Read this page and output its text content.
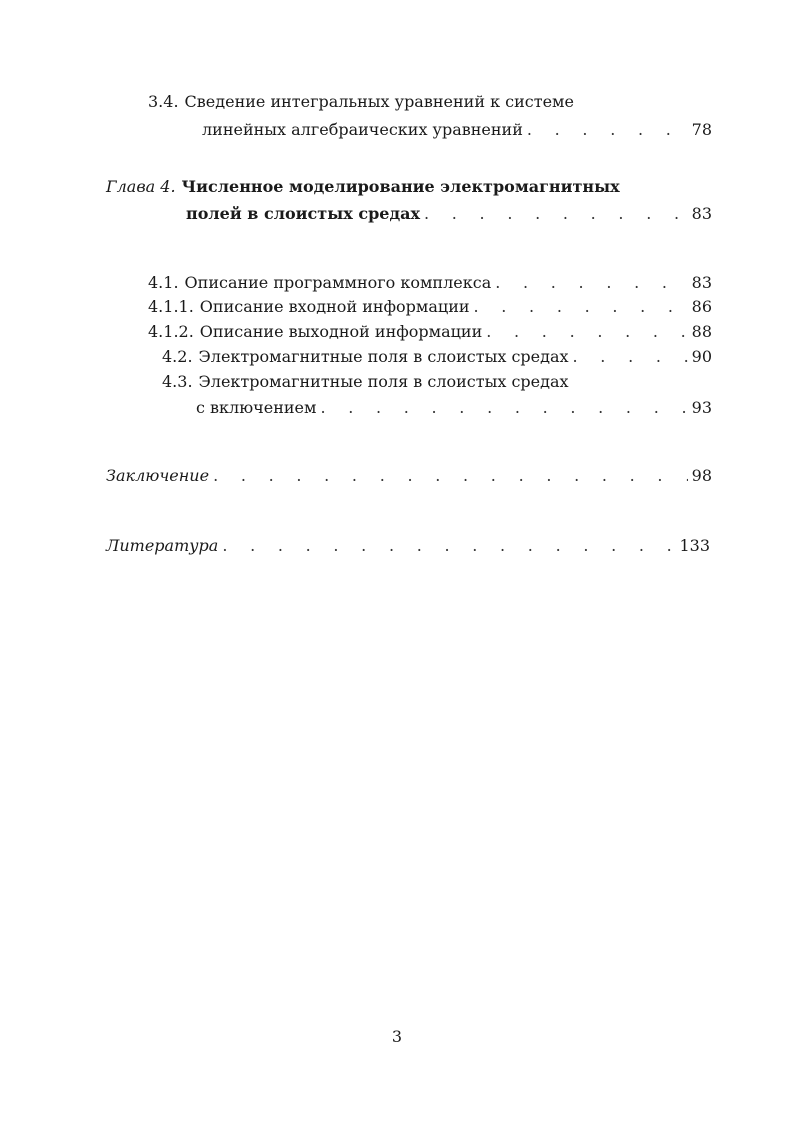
3.4. Сведение интегральных уравнений к системе
линейных алгебраических уравнений . . .	78
Глава 4. Численное моделирование электромагнитных
полей в слоистых средах . . .	83
4.1. Описание программного комплекса . . .	83
4.1.1. Описание входной информации . . .	86
4.1.2. Описание выходной информации . . .	88
4.2. Электромагнитные поля в слоистых средах . . .	90
4.3. Электромагнитные поля в слоистых средах
с включением . . .	93
Заключение . . .	98
Литература . . .	133
3
